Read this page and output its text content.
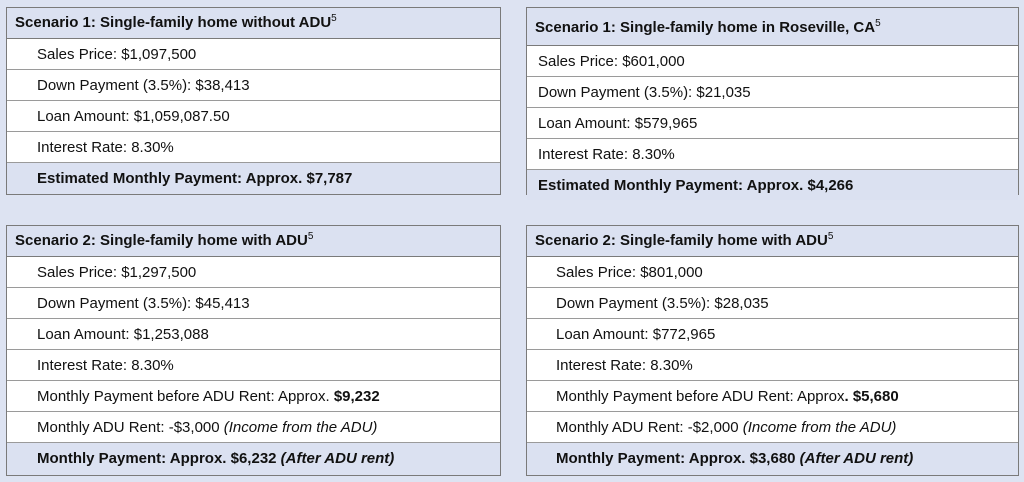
Scenario 1: Single-family home without ADU$^5$
Sales Price: $1,097,500
Down Payment (3.5%): $38,413
Loan Amount: $1,059,087.50
Interest Rate: 8.30%
Estimated Monthly Payment: Approx. $7,787
Scenario 1: Single-family home in Roseville, $CA^5$
Sales Price: $601,000
Down Payment (3.5%): $21,035
Loan Amount: $579,965
Interest Rate: 8.30%
Estimated Monthly Payment: Approx. $4,266
Scenario 2: Single-family home with ADU$^5$
Sales Price: $1,297,500
Down Payment (3.5%): $45,413
Loan Amount: $1,253,088
Interest Rate: 8.30%
Monthly Payment before ADU Rent: Approx. $9,232
Monthly ADU Rent: -$3,000 (Income from the ADU)
Monthly Payment: Approx. $6,232 (After ADU rent)
Scenario 2: Single-family home with ADU$^5$
Sales Price: $801,000
Down Payment (3.5%): $28,035
Loan Amount: $772,965
Interest Rate: 8.30%
Monthly Payment before ADU Rent: Approx. $5,680
Monthly ADU Rent: -$2,000 (Income from the ADU)
Monthly Payment: Approx. $3,680 (After ADU rent)
